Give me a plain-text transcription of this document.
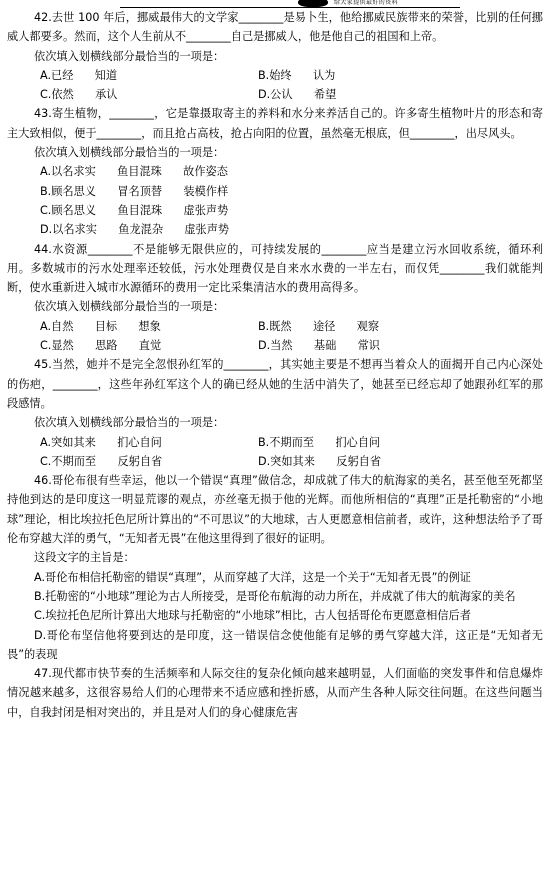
给大家提供最好的资料

42.去世 100 年后，挪威最伟大的文学家________是易卜生，他给挪威民族带来的荣誉，比别的任何挪威人都要多。然而，这个人生前从不________自己是挪威人，他是他自己的祖国和上帝。

依次填入划横线部分最恰当的一项是：

A.已经      知道	B.始终      认为
C.依然      承认	D.公认      希望

43.寄生植物，________，它是靠摄取寄主的养料和水分来养活自己的。许多寄生植物叶片的形态和寄主大致相似，便于________，而且抢占高枝，抢占向阳的位置，虽然毫无根底，但________，出尽风头。

依次填入划横线部分最恰当的一项是：

A.以名求实      鱼目混珠      故作姿态
B.顾名思义      冒名顶替      装模作样
C.顾名思义      鱼目混珠      虚张声势
D.以名求实      鱼龙混杂      虚张声势

44.水资源________不是能够无限供应的，可持续发展的________应当是建立污水回收系统，循环利用。多数城市的污水处理率还较低，污水处理费仅是自来水水费的一半左右，而仅凭________我们就能判断，使水重新进入城市水源循环的费用一定比采集清洁水的费用高得多。

依次填入划横线部分最恰当的一项是：

A.自然      目标      想象	B.既然      途径      观察
C.显然      思路      直觉	D.当然      基础      常识

45.当然，她并不是完全忽恨孙红军的________，其实她主要是不想再当着众人的面揭开自己内心深处的伤疤，________，这些年孙红军这个人的确已经从她的生活中消失了，她甚至已经忘却了她跟孙红军的那段感情。

依次填入划横线部分最恰当的一项是：

A.突如其来      扪心自问	B.不期而至      扪心自问
C.不期而至      反躬自省	D.突如其来      反躬自省

46.哥伦布很有些幸运，他以一个错误“真理”做信念，却成就了伟大的航海家的美名，甚至他至死都坚持他到达的是印度这一明显荒谬的观点，亦丝毫无损于他的光辉。而他所相信的“真理”正是托勒密的“小地球”理论，相比埃拉托色尼所计算出的“不可思议”的大地球，古人更愿意相信前者，或许，这种想法给予了哥伦布穿越大洋的勇气，“无知者无畏”在他这里得到了很好的证明。

这段文字的主旨是：

A.哥伦布相信托勒密的错误“真理”，从而穿越了大洋，这是一个关于“无知者无畏”的例证

B.托勒密的“小地球”理论为古人所接受，是哥伦布航海的动力所在，并成就了伟大的航海家的美名

C.埃拉托色尼所计算出大地球与托勒密的“小地球”相比，古人包括哥伦布更愿意相信后者

D.哥伦布坚信他将要到达的是印度，这一错误信念使他能有足够的勇气穿越大洋，这正是“无知者无畏”的表现

47.现代都市快节奏的生活频率和人际交往的复杂化倾向越来越明显，人们面临的突发事件和信息爆炸情况越来越多，这很容易给人们的心理带来不适应感和挫折感，从而产生各种人际交往问题。在这些问题当中，自我封闭是相对突出的，并且是对人们的身心健康危害
